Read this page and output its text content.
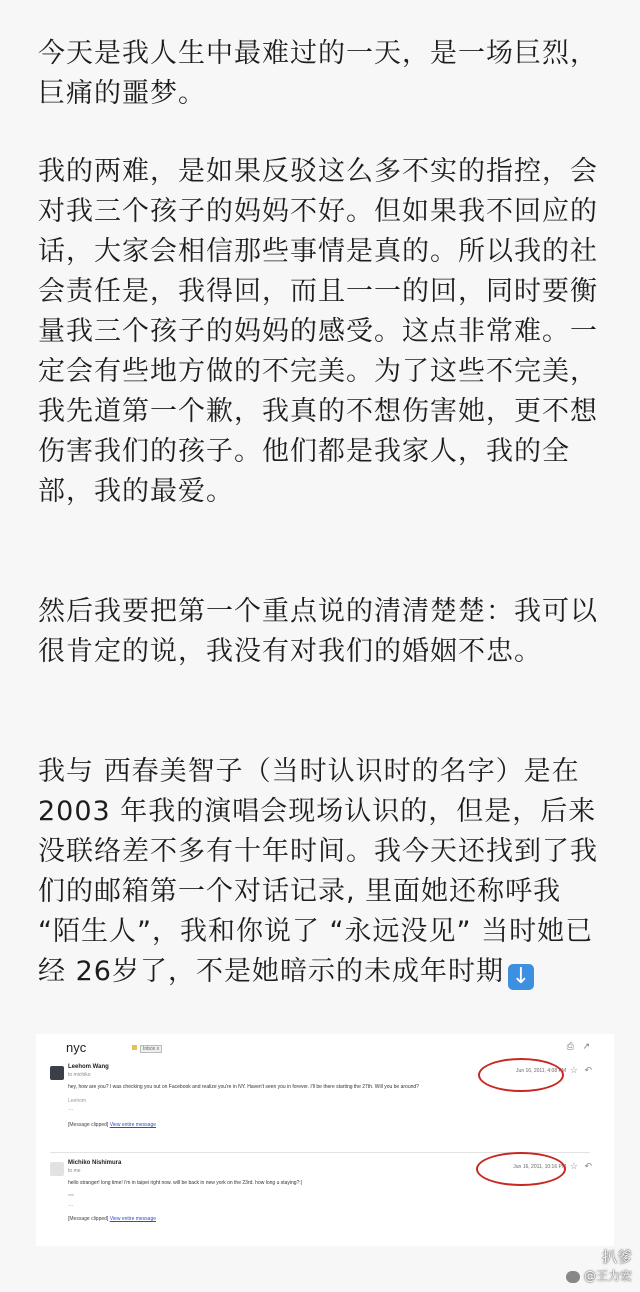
今天是我人生中最难过的一天，是一场巨烈，巨痛的噩梦。

我的两难，是如果反驳这么多不实的指控，会对我三个孩子的妈妈不好。但如果我不回应的话，大家会相信那些事情是真的。所以我的社会责任是，我得回，而且一一的回，同时要衡量我三个孩子的妈妈的感受。这点非常难。一定会有些地方做的不完美。为了这些不完美，我先道第一个歉，我真的不想伤害她，更不想伤害我们的孩子。他们都是我家人，我的全部，我的最爱。

然后我要把第一个重点说的清清楚楚：我可以很肯定的说，我没有对我们的婚姻不忠。

我与 西春美智子（当时认识时的名字）是在 2003 年我的演唱会现场认识的，但是，后来没联络差不多有十年时间。我今天还找到了我们的邮箱第一个对话记录, 里面她还称呼我 “陌生人”，我和你说了 “永远没见” 当时她已经 26岁了，不是她暗示的未成年时期 ↓

nyc	Inbox x	⎙ ↗
Leehom Wang
to michiko
Jun 16, 2011, 4:08 PM ☆ ↶
hey, how are you? I was checking you out on Facebook and realize you're in NY. Haven't seen you in forever. I'll be there starting the 27th. Will you be around?
Leehom
...
[Message clipped] View entire message
Michiko Nishimura
to me
Jun 16, 2011, 10:16 PM ☆ ↶
hello stranger! long time! i'm in taipei right now. will be back in new york on the 23rd. how long u staying?:)
***
...
[Message clipped] View entire message
扒爹
@王力宏
